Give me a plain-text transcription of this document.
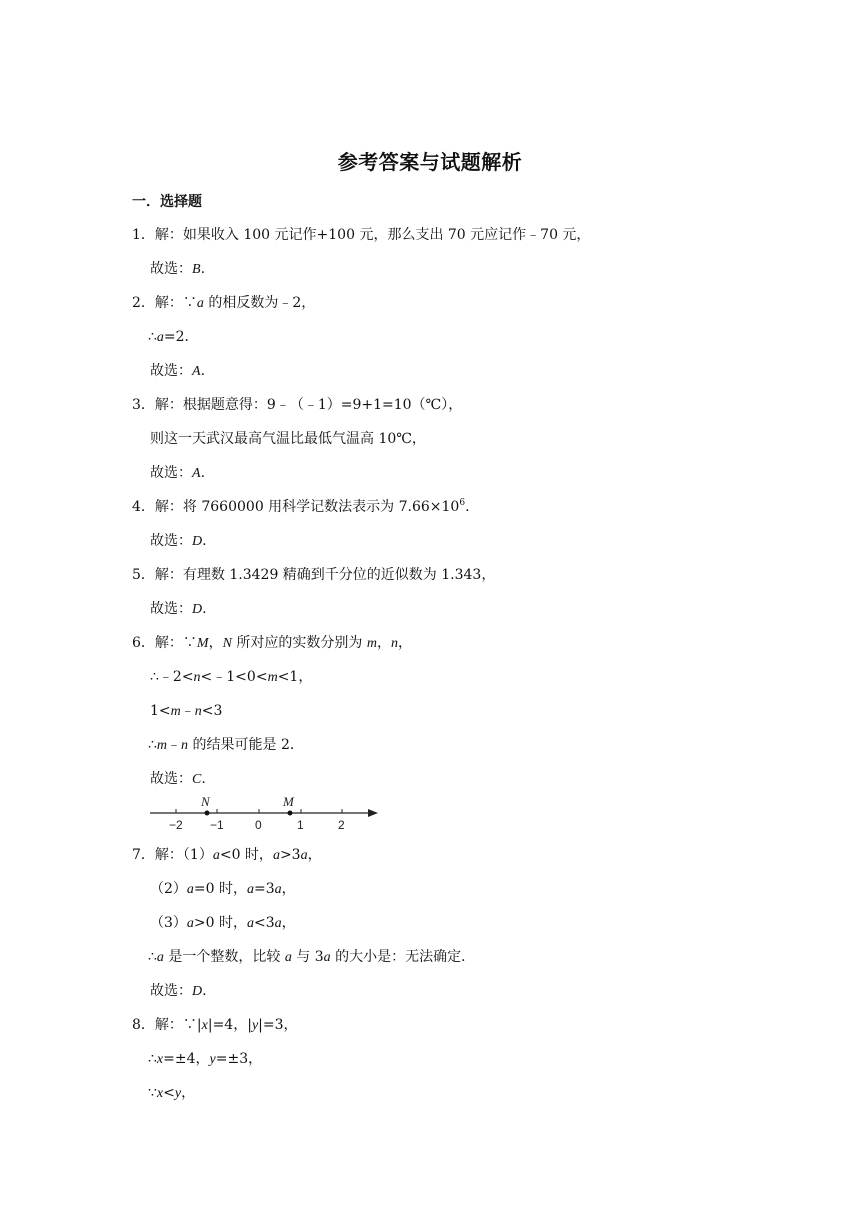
参考答案与试题解析
一．选择题
1．解：如果收入 100 元记作+100 元，那么支出 70 元应记作﹣70 元，
故选：B.
2．解：∵a 的相反数为﹣2，
∴a=2．
故选：A.
3．解：根据题意得：9﹣（﹣1）=9+1=10（℃），
则这一天武汉最高气温比最低气温高 10℃，
故选：A.
4．解：将 7660000 用科学记数法表示为 $7.66\times 10^6$.
故选：D.
5．解：有理数 1.3429 精确到千分位的近似数为 1.343，
故选：D.
6．解：∵M，N 所对应的实数分别为 m，n，
∴﹣2<n<﹣1<0<m<1，
1<m﹣n<3
∴m﹣n 的结果可能是 2．
故选：C.
N	M
−2 −1	0	1	2
7．解：（1）a<0 时，a>3a，
（2）a=0 时，a=3a，
（3）a>0 时，a<3a，
∴a 是一个整数，比较 a 与 3a 的大小是：无法确定．
故选：D.
8．解：∵|x|=4，|y|=3，
∴x=±4，y=±3，
∵x<y，
